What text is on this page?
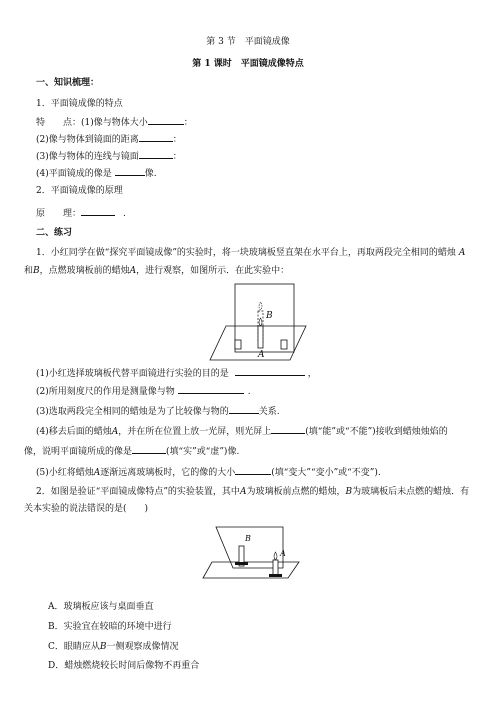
第 3 节　平面镜成像
第 1 课时　平面镜成像特点
一、知识梳理：
1．平面镜成像的特点
特　　点：(1)像与物体大小	：
(2)像与物体到镜面的距离	：
(3)像与物体的连线与镜面	：
(4)平面镜成的像是	像.
2．平面镜成像的原理
原　　理：	.
二、练习
1．小红同学在做“探究平面镜成像”的实验时，将一块玻璃板竖直架在水平台上，再取两段完全相同的蜡烛 A
和B，点燃玻璃板前的蜡烛A，进行观察，如图所示．在此实验中：
B
A
(1)小红选择玻璃板代替平面镜进行实验的目的是	，
(2)所用刻度尺的作用是测量像与物	.
(3)选取两段完全相同的蜡烛是为了比较像与物的	关系.
(4)移去后面的蜡烛A，并在所在位置上放一光屏，则光屏上	(填“能”或“不能”)接收到蜡烛烛焰的
像，说明平面镜所成的像是	(填“实”或“虚”)像.
(5)小红将蜡烛A逐渐远离玻璃板时，它的像的大小	(填“变大”“变小”或“不变”).
2．如图是验证“平面镜成像特点”的实验装置，其中A为玻璃板前点燃的蜡烛，B为玻璃板后未点燃的蜡烛．有
关本实验的说法错误的是(　　)
B
A
A．玻璃板应该与桌面垂直
B．实验宜在较暗的环境中进行
C．眼睛应从B一侧观察成像情况
D．蜡烛燃烧较长时间后像物不再重合
